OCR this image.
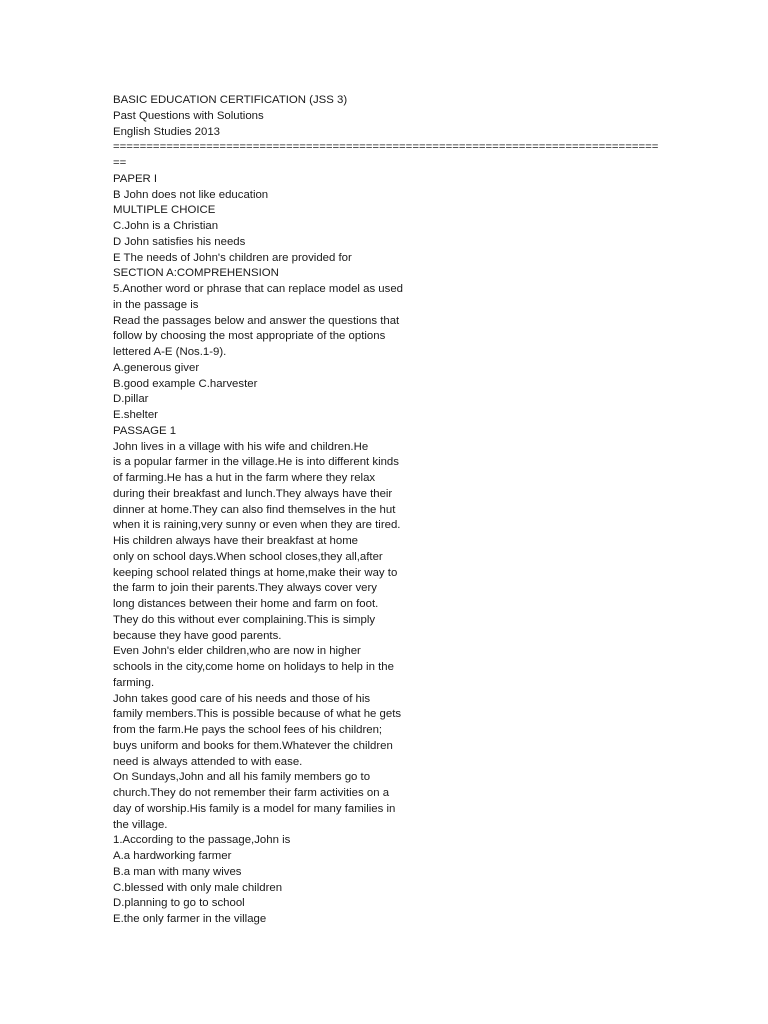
BASIC EDUCATION CERTIFICATION (JSS 3)
Past Questions with Solutions
English Studies 2013
==================================================================================
==
PAPER I
B John does not like education
MULTIPLE CHOICE
C.John is a Christian
D John satisfies his needs
E The needs of John's children are provided for
SECTION A:COMPREHENSION
5.Another word or phrase that can replace model as used
in the passage is
Read the passages below and answer the questions that
follow by choosing the most appropriate of the options
lettered A-E (Nos.1-9).
A.generous giver
B.good example C.harvester
D.pillar
E.shelter
PASSAGE 1
John lives in a village with his wife and children.He
is a popular farmer in the village.He is into different kinds
of farming.He has a hut in the farm where they relax
during their breakfast and lunch.They always have their
dinner at home.They can also find themselves in the hut
when it is raining,very sunny or even when they are tired.
His children always have their breakfast at home
only on school days.When school closes,they all,after
keeping school related things at home,make their way to
the farm to join their parents.They always cover very
long distances between their home and farm on foot.
They do this without ever complaining.This is simply
because they have good parents.
Even John's elder children,who are now in higher
schools in the city,come home on holidays to help in the
farming.
John takes good care of his needs and those of his
family members.This is possible because of what he gets
from the farm.He pays the school fees of his children;
buys uniform and books for them.Whatever the children
need is always attended to with ease.
On Sundays,John and all his family members go to
church.They do not remember their farm activities on a
day of worship.His family is a model for many families in
the village.
1.According to the passage,John is
A.a hardworking farmer
B.a man with many wives
C.blessed with only male children
D.planning to go to school
E.the only farmer in the village
